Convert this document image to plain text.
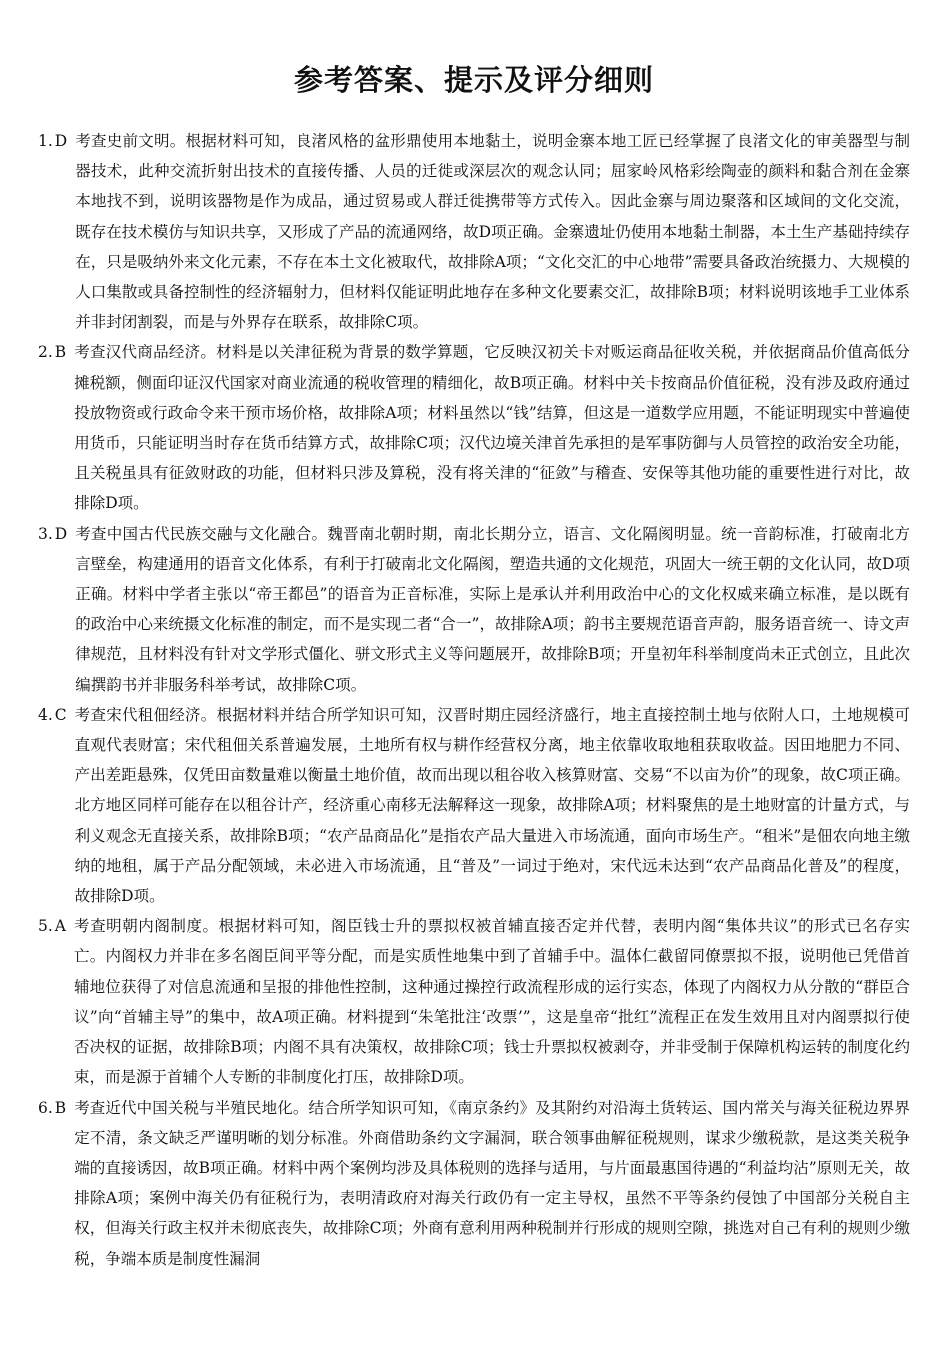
参考答案、提示及评分细则
1. D 考查史前文明。根据材料可知，良渚风格的盆形鼎使用本地黏土，说明金寨本地工匠已经掌握了良渚文化的审美器型与制器技术，此种交流折射出技术的直接传播、人员的迁徙或深层次的观念认同；屈家岭风格彩绘陶壶的颜料和黏合剂在金寨本地找不到，说明该器物是作为成品，通过贸易或人群迁徙携带等方式传入。因此金寨与周边聚落和区域间的文化交流，既存在技术模仿与知识共享，又形成了产品的流通网络，故D项正确。金寨遗址仍使用本地黏土制器，本土生产基础持续存在，只是吸纳外来文化元素，不存在本土文化被取代，故排除A项；“文化交汇的中心地带”需要具备政治统摄力、大规模的人口集散或具备控制性的经济辐射力，但材料仅能证明此地存在多种文化要素交汇，故排除B项；材料说明该地手工业体系并非封闭割裂，而是与外界存在联系，故排除C项。

2. B 考查汉代商品经济。材料是以关津征税为背景的数学算题，它反映汉初关卡对贩运商品征收关税，并依据商品价值高低分摊税额，侧面印证汉代国家对商业流通的税收管理的精细化，故B项正确。材料中关卡按商品价值征税，没有涉及政府通过投放物资或行政命令来干预市场价格，故排除A项；材料虽然以“钱”结算，但这是一道数学应用题，不能证明现实中普遍使用货币，只能证明当时存在货币结算方式，故排除C项；汉代边境关津首先承担的是军事防御与人员管控的政治安全功能，且关税虽具有征敛财政的功能，但材料只涉及算税，没有将关津的“征敛”与稽查、安保等其他功能的重要性进行对比，故排除D项。

3. D 考查中国古代民族交融与文化融合。魏晋南北朝时期，南北长期分立，语言、文化隔阂明显。统一音韵标准，打破南北方言壁垒，构建通用的语音文化体系，有利于打破南北文化隔阂，塑造共通的文化规范，巩固大一统王朝的文化认同，故D项正确。材料中学者主张以“帝王都邑”的语音为正音标准，实际上是承认并利用政治中心的文化权威来确立标准，是以既有的政治中心来统摄文化标准的制定，而不是实现二者“合一”，故排除A项；韵书主要规范语音声韵，服务语音统一、诗文声律规范，且材料没有针对文学形式僵化、骈文形式主义等问题展开，故排除B项；开皇初年科举制度尚未正式创立，且此次编撰韵书并非服务科举考试，故排除C项。

4. C 考查宋代租佃经济。根据材料并结合所学知识可知，汉晋时期庄园经济盛行，地主直接控制土地与依附人口，土地规模可直观代表财富；宋代租佃关系普遍发展，土地所有权与耕作经营权分离，地主依靠收取地租获取收益。因田地肥力不同、产出差距悬殊，仅凭田亩数量难以衡量土地价值，故而出现以租谷收入核算财富、交易“不以亩为价”的现象，故C项正确。北方地区同样可能存在以租谷计产，经济重心南移无法解释这一现象，故排除A项；材料聚焦的是土地财富的计量方式，与利义观念无直接关系，故排除B项；“农产品商品化”是指农产品大量进入市场流通，面向市场生产。“租米”是佃农向地主缴纳的地租，属于产品分配领域，未必进入市场流通，且“普及”一词过于绝对，宋代远未达到“农产品商品化普及”的程度，故排除D项。

5. A 考查明朝内阁制度。根据材料可知，阁臣钱士升的票拟权被首辅直接否定并代替，表明内阁“集体共议”的形式已名存实亡。内阁权力并非在多名阁臣间平等分配，而是实质性地集中到了首辅手中。温体仁截留同僚票拟不报，说明他已凭借首辅地位获得了对信息流通和呈报的排他性控制，这种通过操控行政流程形成的运行实态，体现了内阁权力从分散的“群臣合议”向“首辅主导”的集中，故A项正确。材料提到“朱笔批注‘改票’”，这是皇帝“批红”流程正在发生效用且对内阁票拟行使否决权的证据，故排除B项；内阁不具有决策权，故排除C项；钱士升票拟权被剥夺，并非受制于保障机构运转的制度化约束，而是源于首辅个人专断的非制度化打压，故排除D项。

6. B 考查近代中国关税与半殖民地化。结合所学知识可知，《南京条约》及其附约对沿海土货转运、国内常关与海关征税边界界定不清，条文缺乏严谨明晰的划分标准。外商借助条约文字漏洞，联合领事曲解征税规则，谋求少缴税款，是这类关税争端的直接诱因，故B项正确。材料中两个案例均涉及具体税则的选择与适用，与片面最惠国待遇的“利益均沾”原则无关，故排除A项；案例中海关仍有征税行为，表明清政府对海关行政仍有一定主导权，虽然不平等条约侵蚀了中国部分关税自主权，但海关行政主权并未彻底丧失，故排除C项；外商有意利用两种税制并行形成的规则空隙，挑选对自己有利的规则少缴税，争端本质是制度性漏洞
